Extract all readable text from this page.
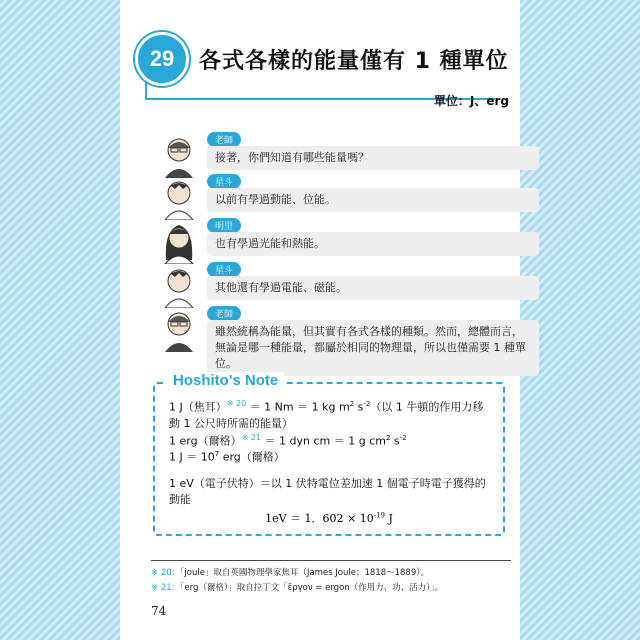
29	各式各樣的能量僅有 1 種單位
單位：J、erg
老師
接著，你們知道有哪些能量嗎？
星斗
以前有學過動能、位能。
明里
也有學過光能和熱能。
星斗
其他還有學過電能、磁能。
老師
雖然統稱為能量，但其實有各式各樣的種類。然而，總體而言，無論是哪一種能量，都屬於相同的物理量，所以也僅需要 1 種單位。
Hoshito's Note
1 J（焦耳）$^{※ 20}$ ＝ 1 Nm ＝ 1 kg $m^2$ $s^{-2}$（以 1 牛頓的作用力移動 1 公尺時所需的能量）
1 erg（爾格）$^{※ 21}$ ＝ 1 dyn cm ＝ 1 g $cm^2$ $s^{-2}$
1 $J = 10^7$ erg（爾格）
1 eV（電子伏特）＝以 1 伏特電位差加速 1 個電子時電子獲得的動能
1eV ＝ 1．$602 \times 10^{-19}$ J
※ 20：「joule」取自英國物理學家焦耳（James Joule；1818～1889）。
※ 21：「erg（爾格）」取自拉丁文「ἔργον = ergon（作用力、功、活力）」。
74
